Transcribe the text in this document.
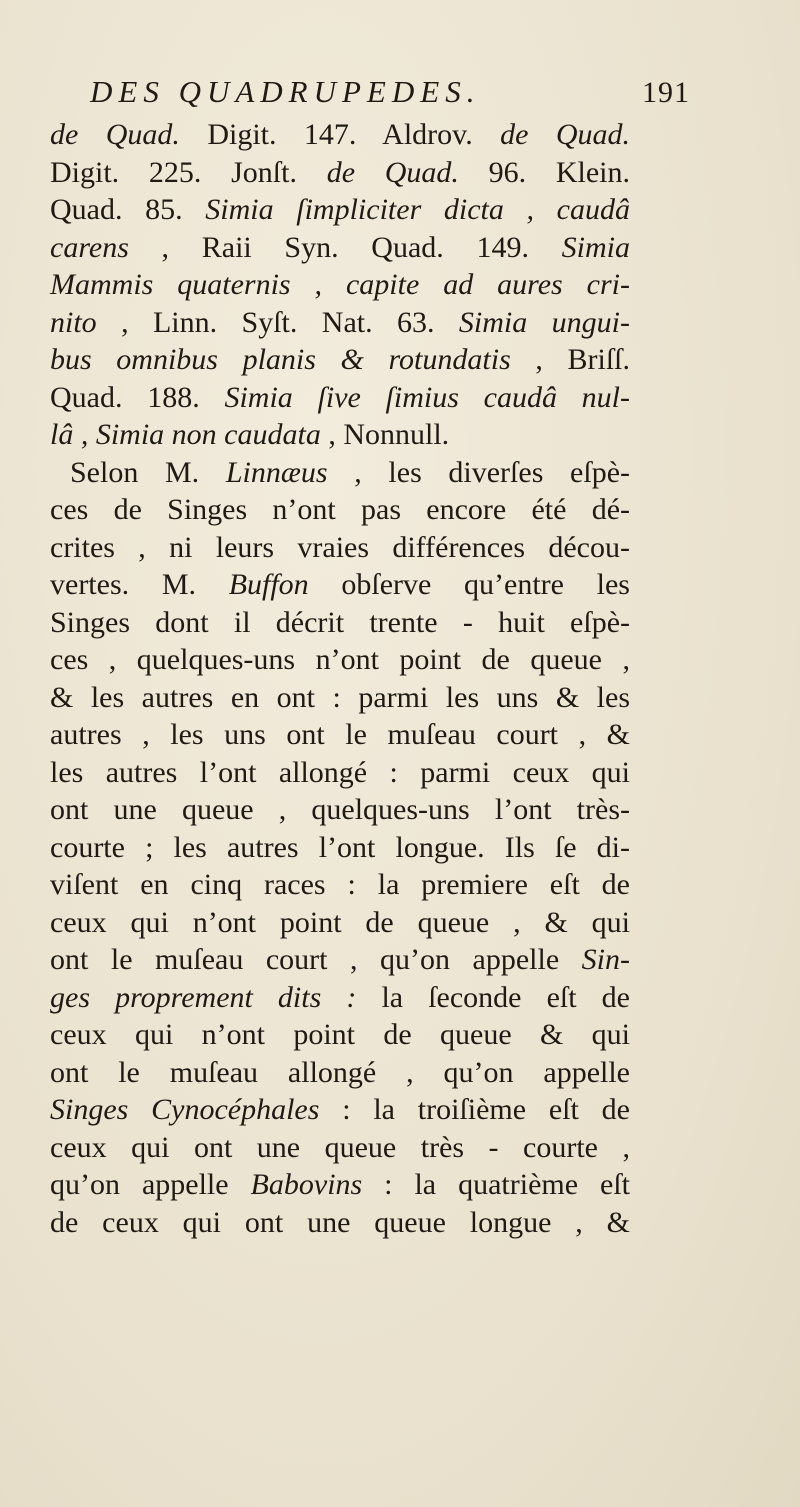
DES QUADRUPEDES.	191
de Quad. Digit. 147. Aldrov. de Quad.
Digit. 225. Jonſt. de Quad. 96. Klein.
Quad. 85. Simia ſimpliciter dicta , caudâ
carens , Raii Syn. Quad. 149. Simia
Mammis quaternis , capite ad aures cri-
nito , Linn. Syſt. Nat. 63. Simia ungui-
bus omnibus planis & rotundatis , Briſſ.
Quad. 188. Simia ſive ſimius caudâ nul-
lâ , Simia non caudata , Nonnull.
Selon M. Linnæus , les diverſes eſpè-
ces de Singes n’ont pas encore été dé-
crites , ni leurs vraies différences décou-
vertes. M. Buffon obſerve qu’entre les
Singes dont il décrit trente - huit eſpè-
ces , quelques-uns n’ont point de queue ,
& les autres en ont : parmi les uns & les
autres , les uns ont le muſeau court , &
les autres l’ont allongé : parmi ceux qui
ont une queue , quelques-uns l’ont très-
courte ; les autres l’ont longue. Ils ſe di-
viſent en cinq races : la premiere eſt de
ceux qui n’ont point de queue , & qui
ont le muſeau court , qu’on appelle Sin-
ges proprement dits : la ſeconde eſt de
ceux qui n’ont point de queue & qui
ont le muſeau allongé , qu’on appelle
Singes Cynocéphales : la troiſième eſt de
ceux qui ont une queue très - courte ,
qu’on appelle Babovins : la quatrième eſt
de ceux qui ont une queue longue , &
